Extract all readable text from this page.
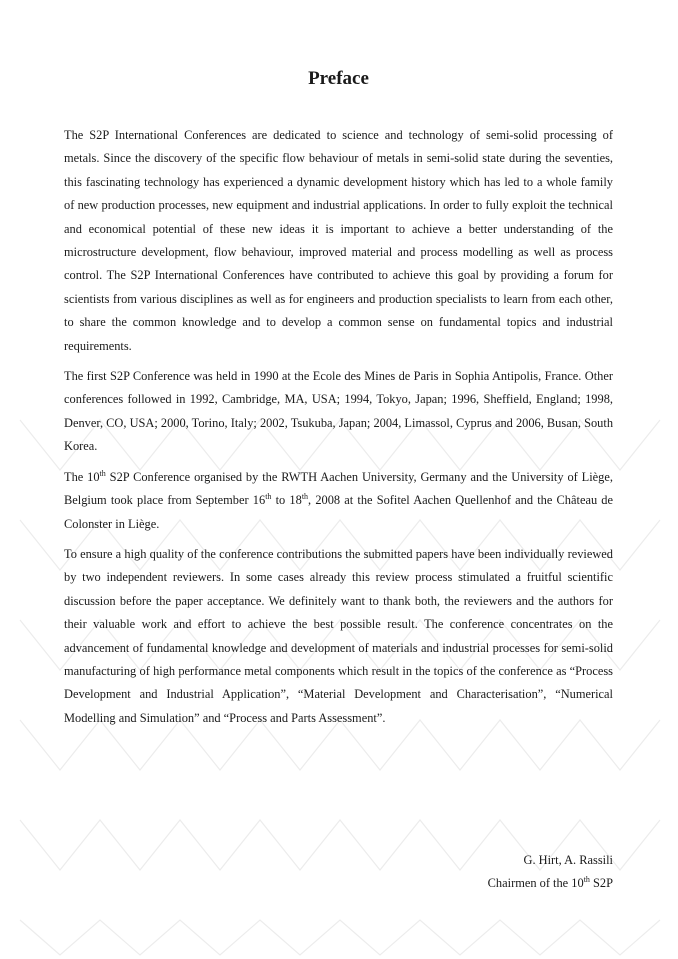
Preface

The S2P International Conferences are dedicated to science and technology of semi-solid processing of metals. Since the discovery of the specific flow behaviour of metals in semi-solid state during the seventies, this fascinating technology has experienced a dynamic development history which has led to a whole family of new production processes, new equipment and industrial applications. In order to fully exploit the technical and economical potential of these new ideas it is important to achieve a better understanding of the microstructure development, flow behaviour, improved material and process modelling as well as process control. The S2P International Conferences have contributed to achieve this goal by providing a forum for scientists from various disciplines as well as for engineers and production specialists to learn from each other, to share the common knowledge and to develop a common sense on fundamental topics and industrial requirements.

The first S2P Conference was held in 1990 at the Ecole des Mines de Paris in Sophia Antipolis, France. Other conferences followed in 1992, Cambridge, MA, USA; 1994, Tokyo, Japan; 1996, Sheffield, England; 1998, Denver, CO, USA; 2000, Torino, Italy; 2002, Tsukuba, Japan; 2004, Limassol, Cyprus and 2006, Busan, South Korea.

The 10th S2P Conference organised by the RWTH Aachen University, Germany and the University of Liège, Belgium took place from September 16th to 18th, 2008 at the Sofitel Aachen Quellenhof and the Château de Colonster in Liège.

To ensure a high quality of the conference contributions the submitted papers have been individually reviewed by two independent reviewers. In some cases already this review process stimulated a fruitful scientific discussion before the paper acceptance. We definitely want to thank both, the reviewers and the authors for their valuable work and effort to achieve the best possible result. The conference concentrates on the advancement of fundamental knowledge and development of materials and industrial processes for semi-solid manufacturing of high performance metal components which result in the topics of the conference as “Process Development and Industrial Application”, “Material Development and Characterisation”, “Numerical Modelling and Simulation” and “Process and Parts Assessment”.

G. Hirt, A. Rassili
Chairmen of the 10th S2P
